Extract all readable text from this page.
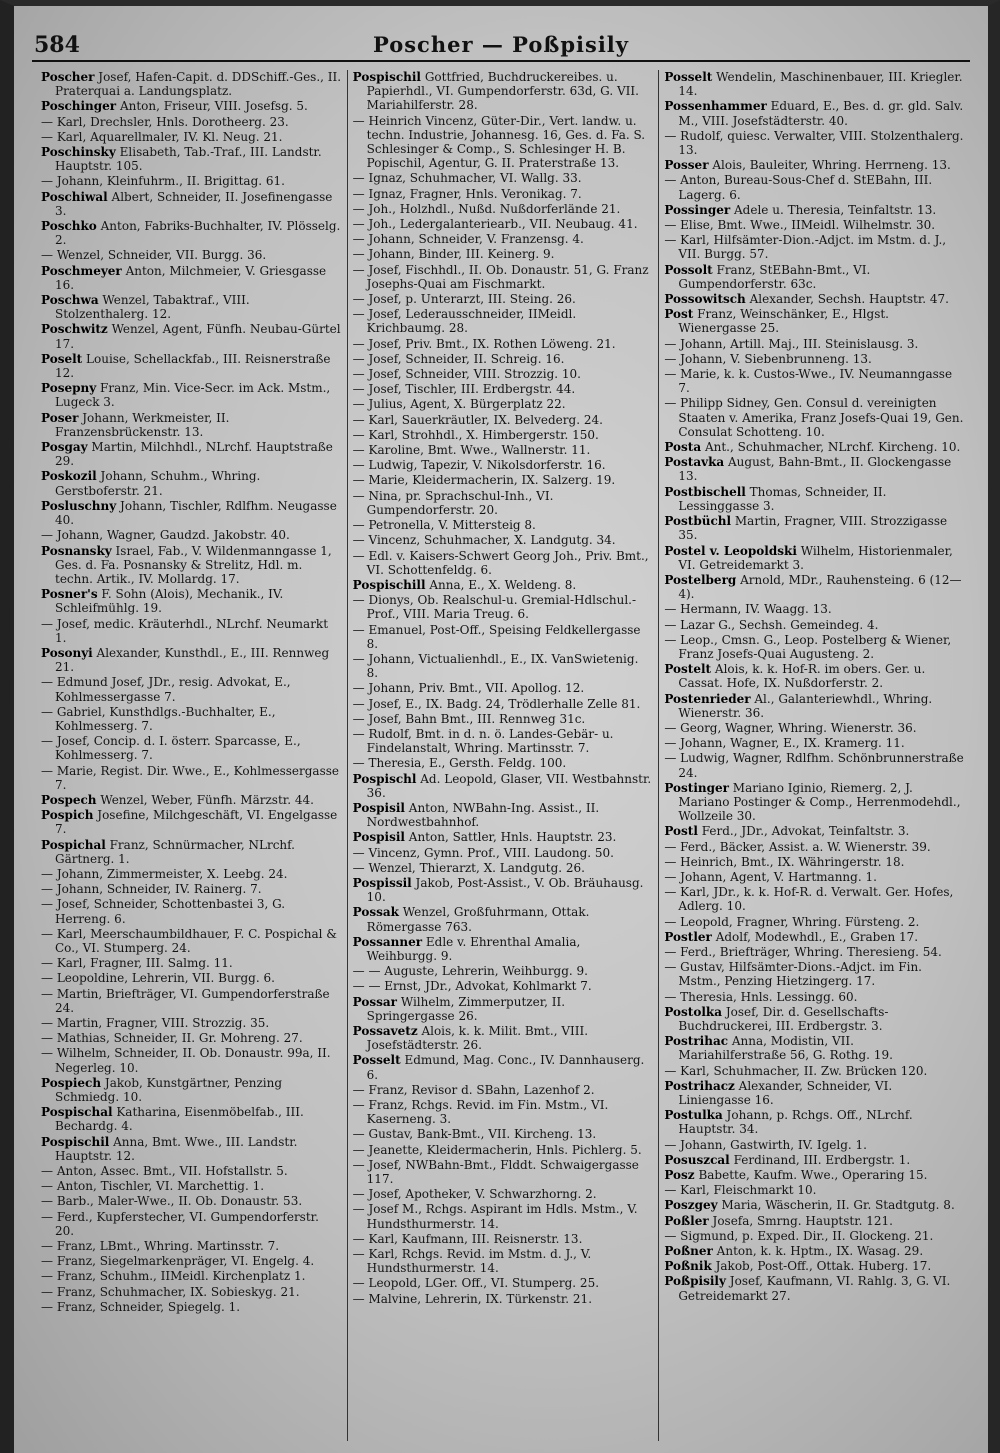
584	Poscher — Poßpisily

Poscher Josef, Hafen-Capit. d. DDSchiff.-Ges., II. Praterquai a. Landungsplatz.

Poschinger Anton, Friseur, VIII. Josefsg. 5.

— Karl, Drechsler, Hnls. Dorotheerg. 23.

— Karl, Aquarellmaler, IV. Kl. Neug. 21.

Poschinsky Elisabeth, Tab.-Traf., III. Landstr. Hauptstr. 105.

— Johann, Kleinfuhrm., II. Brigittag. 61.

Poschiwal Albert, Schneider, II. Josefinengasse 3.

Poschko Anton, Fabriks-Buchhalter, IV. Plösselg. 2.

— Wenzel, Schneider, VII. Burgg. 36.

Poschmeyer Anton, Milchmeier, V. Griesgasse 16.

Poschwa Wenzel, Tabaktraf., VIII. Stolzenthalerg. 12.

Poschwitz Wenzel, Agent, Fünfh. Neubau-Gürtel 17.

Poselt Louise, Schellackfab., III. Reisnerstraße 12.

Posepny Franz, Min. Vice-Secr. im Ack. Mstm., Lugeck 3.

Poser Johann, Werkmeister, II. Franzensbrückenstr. 13.

Posgay Martin, Milchhdl., NLrchf. Hauptstraße 29.

Poskozil Johann, Schuhm., Whring. Gerstboferstr. 21.

Posluschny Johann, Tischler, Rdlfhm. Neugasse 40.

— Johann, Wagner, Gaudzd. Jakobstr. 40.

Posnansky Israel, Fab., V. Wildenmanngasse 1, Ges. d. Fa. Posnansky & Strelitz, Hdl. m. techn. Artik., IV. Mollardg. 17.

Posner's F. Sohn (Alois), Mechanik., IV. Schleifmühlg. 19.

— Josef, medic. Kräuterhdl., NLrchf. Neumarkt 1.

Posonyi Alexander, Kunsthdl., E., III. Rennweg 21.

— Edmund Josef, JDr., resig. Advokat, E., Kohlmessergasse 7.

— Gabriel, Kunsthdlgs.-Buchhalter, E., Kohlmesserg. 7.

— Josef, Concip. d. I. österr. Sparcasse, E., Kohlmesserg. 7.

— Marie, Regist. Dir. Wwe., E., Kohlmessergasse 7.

Pospech Wenzel, Weber, Fünfh. Märzstr. 44.

Pospich Josefine, Milchgeschäft, VI. Engelgasse 7.

Pospichal Franz, Schnürmacher, NLrchf. Gärtnerg. 1.

— Johann, Zimmermeister, X. Leebg. 24.

— Johann, Schneider, IV. Rainerg. 7.

— Josef, Schneider, Schottenbastei 3, G. Herreng. 6.

— Karl, Meerschaumbildhauer, F. C. Pospichal & Co., VI. Stumperg. 24.

— Karl, Fragner, III. Salmg. 11.

— Leopoldine, Lehrerin, VII. Burgg. 6.

— Martin, Briefträger, VI. Gumpendorferstraße 24.

— Martin, Fragner, VIII. Strozzig. 35.

— Mathias, Schneider, II. Gr. Mohreng. 27.

— Wilhelm, Schneider, II. Ob. Donaustr. 99a, II. Negerleg. 10.

Pospiech Jakob, Kunstgärtner, Penzing Schmiedg. 10.

Pospischal Katharina, Eisenmöbelfab., III. Bechardg. 4.

Pospischil Anna, Bmt. Wwe., III. Landstr. Hauptstr. 12.

— Anton, Assec. Bmt., VII. Hofstallstr. 5.

— Anton, Tischler, VI. Marchettig. 1.

— Barb., Maler-Wwe., II. Ob. Donaustr. 53.

— Ferd., Kupferstecher, VI. Gumpendorferstr. 20.

— Franz, LBmt., Whring. Martinsstr. 7.

— Franz, Siegelmarkenpräger, VI. Engelg. 4.

— Franz, Schuhm., IIMeidl. Kirchenplatz 1.

— Franz, Schuhmacher, IX. Sobieskyg. 21.

— Franz, Schneider, Spiegelg. 1.

Pospischil Gottfried, Buchdruckereibes. u. Papierhdl., VI. Gumpendorferstr. 63d, G. VII. Mariahilferstr. 28.

— Heinrich Vincenz, Güter-Dir., Vert. landw. u. techn. Industrie, Johannesg. 16, Ges. d. Fa. S. Schlesinger & Comp., S. Schlesinger H. B. Popischil, Agentur, G. II. Praterstraße 13.

— Ignaz, Schuhmacher, VI. Wallg. 33.

— Ignaz, Fragner, Hnls. Veronikag. 7.

— Joh., Holzhdl., Nußd. Nußdorferlände 21.

— Joh., Ledergalanteriearb., VII. Neubaug. 41.

— Johann, Schneider, V. Franzensg. 4.

— Johann, Binder, III. Keinerg. 9.

— Josef, Fischhdl., II. Ob. Donaustr. 51, G. Franz Josephs-Quai am Fischmarkt.

— Josef, p. Unterarzt, III. Steing. 26.

— Josef, Lederausschneider, IIMeidl. Krichbaumg. 28.

— Josef, Priv. Bmt., IX. Rothen Löweng. 21.

— Josef, Schneider, II. Schreig. 16.

— Josef, Schneider, VIII. Strozzig. 10.

— Josef, Tischler, III. Erdbergstr. 44.

— Julius, Agent, X. Bürgerplatz 22.

— Karl, Sauerkräutler, IX. Belvederg. 24.

— Karl, Strohhdl., X. Himbergerstr. 150.

— Karoline, Bmt. Wwe., Wallnerstr. 11.

— Ludwig, Tapezir, V. Nikolsdorferstr. 16.

— Marie, Kleidermacherin, IX. Salzerg. 19.

— Nina, pr. Sprachschul-Inh., VI. Gumpendorferstr. 20.

— Petronella, V. Mittersteig 8.

— Vincenz, Schuhmacher, X. Landgutg. 34.

— Edl. v. Kaisers-Schwert Georg Joh., Priv. Bmt., VI. Schottenfeldg. 6.

Pospischill Anna, E., X. Weldeng. 8.

— Dionys, Ob. Realschul-u. Gremial-Hdlschul.-Prof., VIII. Maria Treug. 6.

— Emanuel, Post-Off., Speising Feldkellergasse 8.

— Johann, Victualienhdl., E., IX. VanSwietenig. 8.

— Johann, Priv. Bmt., VII. Apollog. 12.

— Josef, E., IX. Badg. 24, Trödlerhalle Zelle 81.

— Josef, Bahn Bmt., III. Rennweg 31c.

— Rudolf, Bmt. in d. n. ö. Landes-Gebär- u. Findelanstalt, Whring. Martinsstr. 7.

— Theresia, E., Gersth. Feldg. 100.

Pospischl Ad. Leopold, Glaser, VII. Westbahnstr. 36.

Pospisil Anton, NWBahn-Ing. Assist., II. Nordwestbahnhof.

Pospisil Anton, Sattler, Hnls. Hauptstr. 23.

— Vincenz, Gymn. Prof., VIII. Laudong. 50.

— Wenzel, Thierarzt, X. Landgutg. 26.

Pospissil Jakob, Post-Assist., V. Ob. Bräuhausg. 10.

Possak Wenzel, Großfuhrmann, Ottak. Römergasse 763.

Possanner Edle v. Ehrenthal Amalia, Weihburgg. 9.

— — Auguste, Lehrerin, Weihburgg. 9.

— — Ernst, JDr., Advokat, Kohlmarkt 7.

Possar Wilhelm, Zimmerputzer, II. Springergasse 26.

Possavetz Alois, k. k. Milit. Bmt., VIII. Josefstädterstr. 26.

Posselt Edmund, Mag. Conc., IV. Dannhauserg. 6.

— Franz, Revisor d. SBahn, Lazenhof 2.

— Franz, Rchgs. Revid. im Fin. Mstm., VI. Kaserneng. 3.

— Gustav, Bank-Bmt., VII. Kircheng. 13.

— Jeanette, Kleidermacherin, Hnls. Pichlerg. 5.

— Josef, NWBahn-Bmt., Flddt. Schwaigergasse 117.

— Josef, Apotheker, V. Schwarzhorng. 2.

— Josef M., Rchgs. Aspirant im Hdls. Mstm., V. Hundsthurmerstr. 14.

— Karl, Kaufmann, III. Reisnerstr. 13.

— Karl, Rchgs. Revid. im Mstm. d. J., V. Hundsthurmerstr. 14.

— Leopold, LGer. Off., VI. Stumperg. 25.

— Malvine, Lehrerin, IX. Türkenstr. 21.

Posselt Wendelin, Maschinenbauer, III. Kriegler. 14.

Possenhammer Eduard, E., Bes. d. gr. gld. Salv. M., VIII. Josefstädterstr. 40.

— Rudolf, quiesc. Verwalter, VIII. Stolzenthalerg. 13.

Posser Alois, Bauleiter, Whring. Herrneng. 13.

— Anton, Bureau-Sous-Chef d. StEBahn, III. Lagerg. 6.

Possinger Adele u. Theresia, Teinfaltstr. 13.

— Elise, Bmt. Wwe., IIMeidl. Wilhelmstr. 30.

— Karl, Hilfsämter-Dion.-Adjct. im Mstm. d. J., VII. Burgg. 57.

Possolt Franz, StEBahn-Bmt., VI. Gumpendorferstr. 63c.

Possowitsch Alexander, Sechsh. Hauptstr. 47.

Post Franz, Weinschänker, E., Hlgst. Wienergasse 25.

— Johann, Artill. Maj., III. Steinislausg. 3.

— Johann, V. Siebenbrunneng. 13.

— Marie, k. k. Custos-Wwe., IV. Neumanngasse 7.

— Philipp Sidney, Gen. Consul d. vereinigten Staaten v. Amerika, Franz Josefs-Quai 19, Gen. Consulat Schotteng. 10.

Posta Ant., Schuhmacher, NLrchf. Kircheng. 10.

Postavka August, Bahn-Bmt., II. Glockengasse 13.

Postbischell Thomas, Schneider, II. Lessinggasse 3.

Postbüchl Martin, Fragner, VIII. Strozzigasse 35.

Postel v. Leopoldski Wilhelm, Historienmaler, VI. Getreidemarkt 3.

Postelberg Arnold, MDr., Rauhensteing. 6 (12—4).

— Hermann, IV. Waagg. 13.

— Lazar G., Sechsh. Gemeindeg. 4.

— Leop., Cmsn. G., Leop. Postelberg & Wiener, Franz Josefs-Quai Augusteng. 2.

Postelt Alois, k. k. Hof-R. im obers. Ger. u. Cassat. Hofe, IX. Nußdorferstr. 2.

Postenrieder Al., Galanteriewhdl., Whring. Wienerstr. 36.

— Georg, Wagner, Whring. Wienerstr. 36.

— Johann, Wagner, E., IX. Kramerg. 11.

— Ludwig, Wagner, Rdlfhm. Schönbrunnerstraße 24.

Postinger Mariano Iginio, Riemerg. 2, J. Mariano Postinger & Comp., Herrenmodehdl., Wollzeile 30.

Postl Ferd., JDr., Advokat, Teinfaltstr. 3.

— Ferd., Bäcker, Assist. a. W. Wienerstr. 39.

— Heinrich, Bmt., IX. Währingerstr. 18.

— Johann, Agent, V. Hartmanng. 1.

— Karl, JDr., k. k. Hof-R. d. Verwalt. Ger. Hofes, Adlerg. 10.

— Leopold, Fragner, Whring. Fürsteng. 2.

Postler Adolf, Modewhdl., E., Graben 17.

— Ferd., Briefträger, Whring. Theresieng. 54.

— Gustav, Hilfsämter-Dions.-Adjct. im Fin. Mstm., Penzing Hietzingerg. 17.

— Theresia, Hnls. Lessingg. 60.

Postolka Josef, Dir. d. Gesellschafts-Buchdruckerei, III. Erdbergstr. 3.

Postrihac Anna, Modistin, VII. Mariahilferstraße 56, G. Rothg. 19.

— Karl, Schuhmacher, II. Zw. Brücken 120.

Postrihacz Alexander, Schneider, VI. Liniengasse 16.

Postulka Johann, p. Rchgs. Off., NLrchf. Hauptstr. 34.

— Johann, Gastwirth, IV. Igelg. 1.

Posuszcal Ferdinand, III. Erdbergstr. 1.

Posz Babette, Kaufm. Wwe., Operaring 15.

— Karl, Fleischmarkt 10.

Poszgey Maria, Wäscherin, II. Gr. Stadtgutg. 8.

Poßler Josefa, Smrng. Hauptstr. 121.

— Sigmund, p. Exped. Dir., II. Glockeng. 21.

Poßner Anton, k. k. Hptm., IX. Wasag. 29.

Poßnik Jakob, Post-Off., Ottak. Huberg. 17.

Poßpisily Josef, Kaufmann, VI. Rahlg. 3, G. VI. Getreidemarkt 27.
